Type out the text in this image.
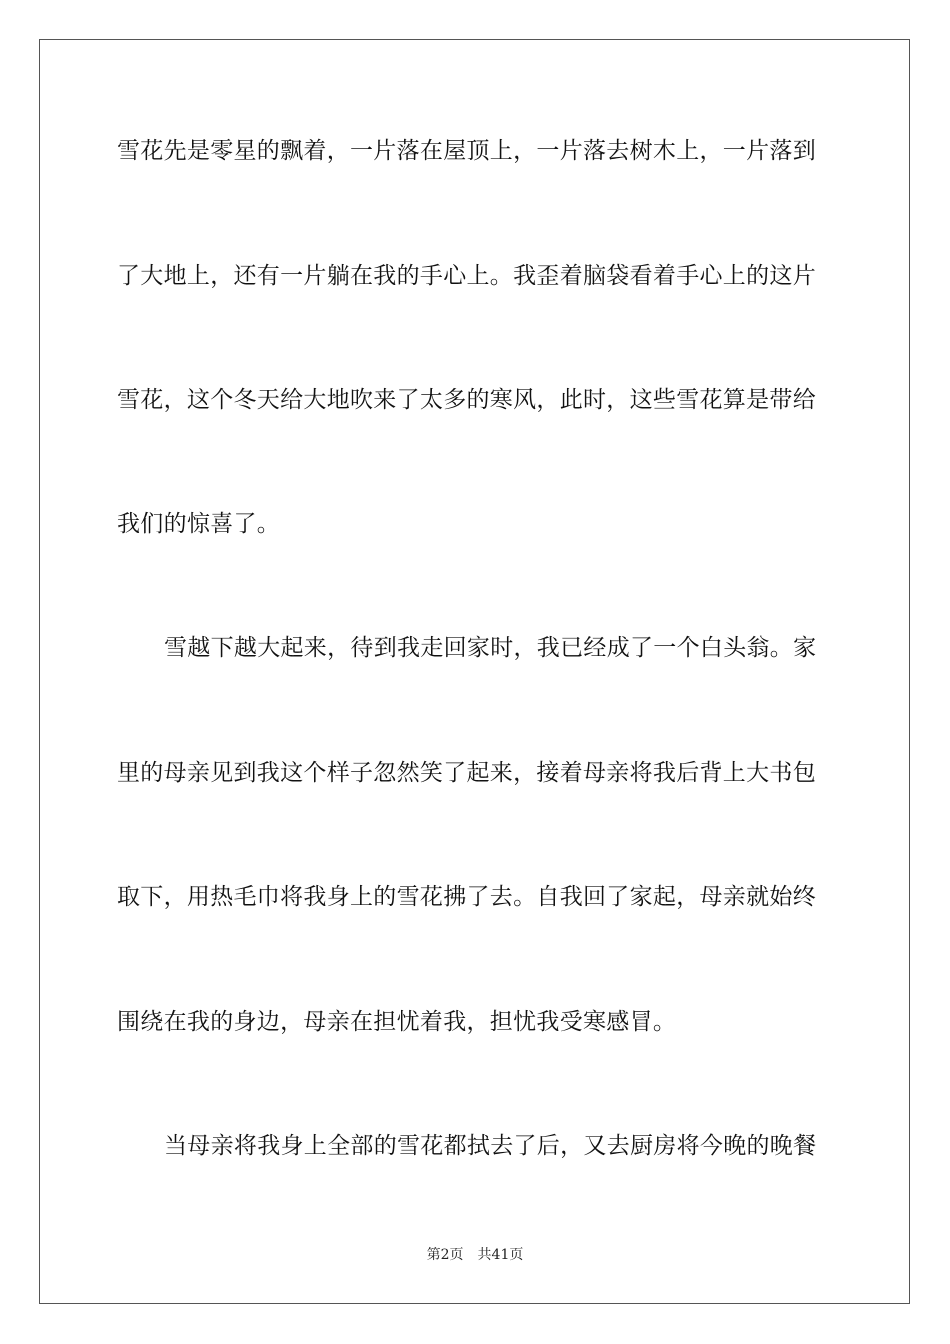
雪花先是零星的飘着，一片落在屋顶上，一片落去树木上，一片落到
了大地上，还有一片躺在我的手心上。我歪着脑袋看着手心上的这片
雪花，这个冬天给大地吹来了太多的寒风，此时，这些雪花算是带给
我们的惊喜了。
雪越下越大起来，待到我走回家时，我已经成了一个白头翁。家
里的母亲见到我这个样子忽然笑了起来，接着母亲将我后背上大书包
取下，用热毛巾将我身上的雪花拂了去。自我回了家起，母亲就始终
围绕在我的身边，母亲在担忧着我，担忧我受寒感冒。
当母亲将我身上全部的雪花都拭去了后，又去厨房将今晚的晚餐
第2页 共41页
